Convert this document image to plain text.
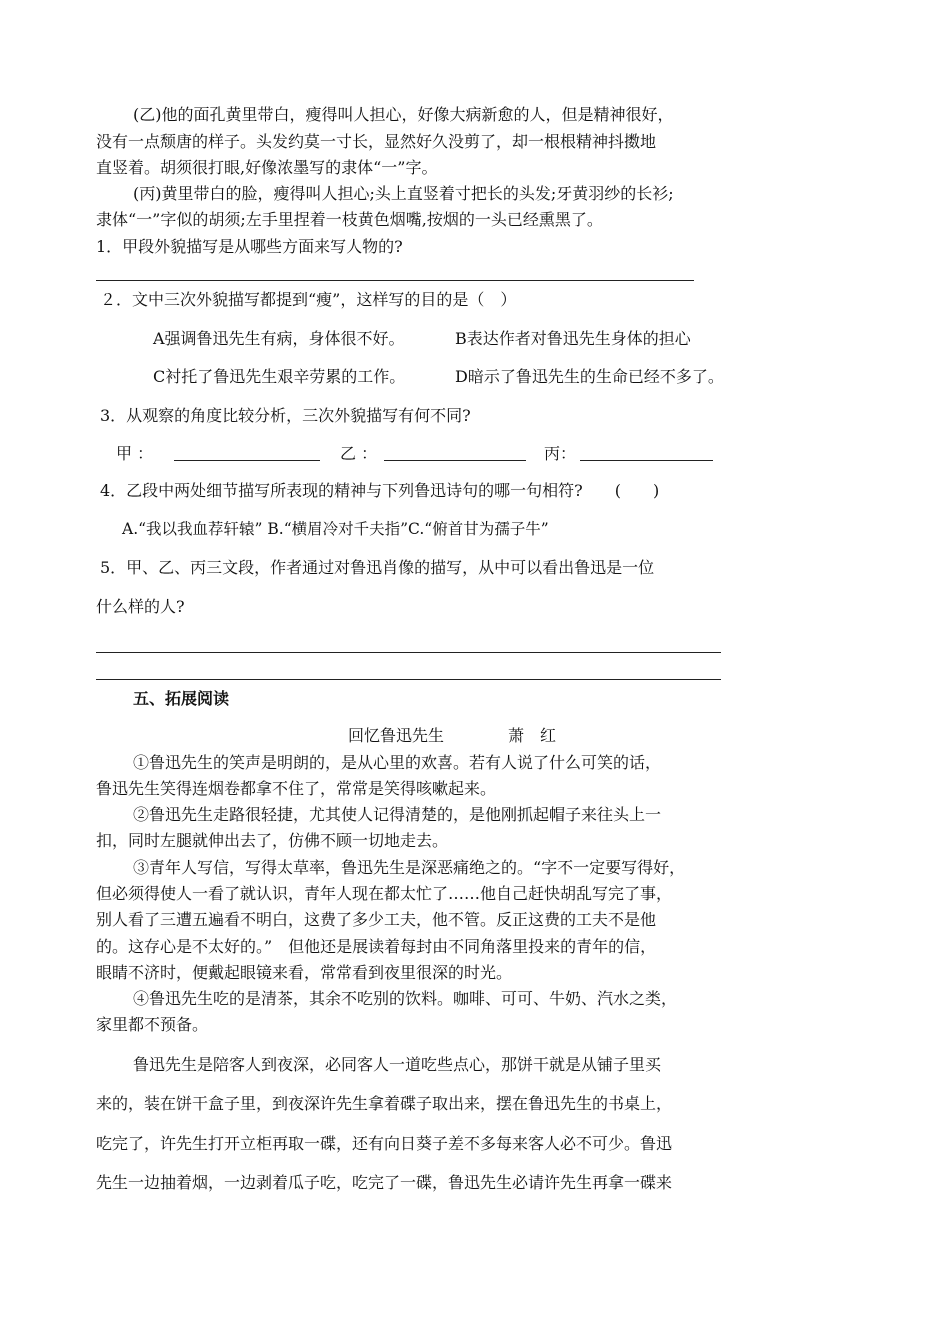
(乙)他的面孔黄里带白，瘦得叫人担心，好像大病新愈的人，但是精神很好，
没有一点颓唐的样子。头发约莫一寸长，显然好久没剪了，却一根根精神抖擞地
直竖着。胡须很打眼,好像浓墨写的隶体“一”字。
(丙)黄里带白的脸，瘦得叫人担心;头上直竖着寸把长的头发;牙黄羽纱的长衫;
隶体“一”字似的胡须;左手里捏着一枝黄色烟嘴,按烟的一头已经熏黑了。
1．甲段外貌描写是从哪些方面来写人物的?
２．文中三次外貌描写都提到“瘦”，这样写的目的是（　）
A强调鲁迅先生有病，身体很不好。	B表达作者对鲁迅先生身体的担心
C衬托了鲁迅先生艰辛劳累的工作。	D暗示了鲁迅先生的生命已经不多了。
3．从观察的角度比较分析，三次外貌描写有何不同?
甲 ：	乙 ：	丙：
4．乙段中两处细节描写所表现的精神与下列鲁迅诗句的哪一句相符?　　(　　)
A.“我以我血荐轩辕” B.“横眉冷对千夫指”C.“俯首甘为孺子牛”
5．甲、乙、丙三文段，作者通过对鲁迅肖像的描写，从中可以看出鲁迅是一位
什么样的人?
五、拓展阅读
回忆鲁迅先生	萧　红
①鲁迅先生的笑声是明朗的，是从心里的欢喜。若有人说了什么可笑的话，
鲁迅先生笑得连烟卷都拿不住了，常常是笑得咳嗽起来。
②鲁迅先生走路很轻捷，尤其使人记得清楚的，是他刚抓起帽子来往头上一
扣，同时左腿就伸出去了，仿佛不顾一切地走去。
③青年人写信，写得太草率，鲁迅先生是深恶痛绝之的。“字不一定要写得好，
但必须得使人一看了就认识，青年人现在都太忙了……他自己赶快胡乱写完了事，
别人看了三遭五遍看不明白，这费了多少工夫，他不管。反正这费的工夫不是他
的。这存心是不太好的。”　但他还是展读着每封由不同角落里投来的青年的信，
眼睛不济时，便戴起眼镜来看，常常看到夜里很深的时光。
④鲁迅先生吃的是清茶，其余不吃别的饮料。咖啡、可可、牛奶、汽水之类，
家里都不预备。
鲁迅先生是陪客人到夜深，必同客人一道吃些点心，那饼干就是从铺子里买
来的，装在饼干盒子里，到夜深许先生拿着碟子取出来，摆在鲁迅先生的书桌上，
吃完了，许先生打开立柜再取一碟，还有向日葵子差不多每来客人必不可少。鲁迅
先生一边抽着烟，一边剥着瓜子吃，吃完了一碟，鲁迅先生必请许先生再拿一碟来
